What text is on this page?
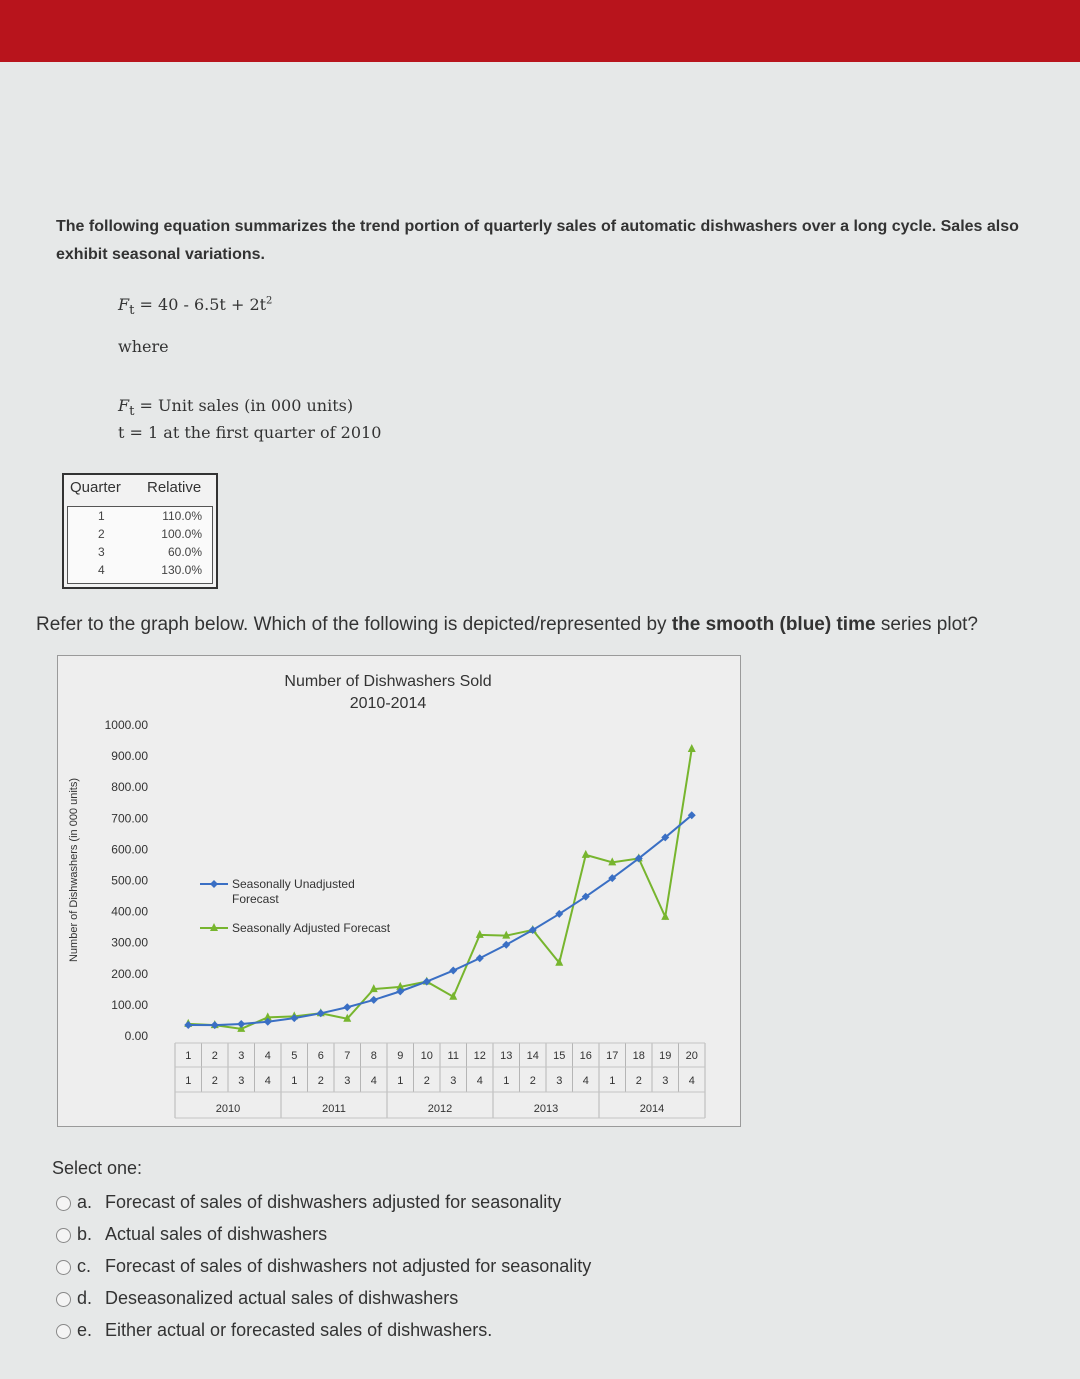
The following equation summarizes the trend portion of quarterly sales of automatic dishwashers over a long cycle. Sales also exhibit seasonal variations.
$F_t = 40 - 6.5t + 2t^2$
where
$F_t$ = Unit sales (in 000 units)
t = 1 at the first quarter of 2010
Quarter Relative
1	110.0%
2	100.0%
3	60.0%
4	130.0%
Refer to the graph below. Which of the following is depicted/represented by the smooth (blue) time series plot?
Number of Dishwashers Sold
2010-2014
Number of Dishwashers (in 000 units)
0.00
100.00
200.00
300.00
400.00
500.00
600.00
700.00
800.00
900.00
1000.00
1 2 3 4 5 6 7 8 9 10 11 12 13 14 15 16 17 18 19 20
1 2 3 4 1 2 3 4 1 2 3 4 1 2 3 4 1 2 3 4
2010	2011	2012	2013	2014
Seasonally Unadjusted Forecast
Seasonally Adjusted Forecast
Select one:
a. Forecast of sales of dishwashers adjusted for seasonality
b. Actual sales of dishwashers
c. Forecast of sales of dishwashers not adjusted for seasonality
d. Deseasonalized actual sales of dishwashers
e. Either actual or forecasted sales of dishwashers.
